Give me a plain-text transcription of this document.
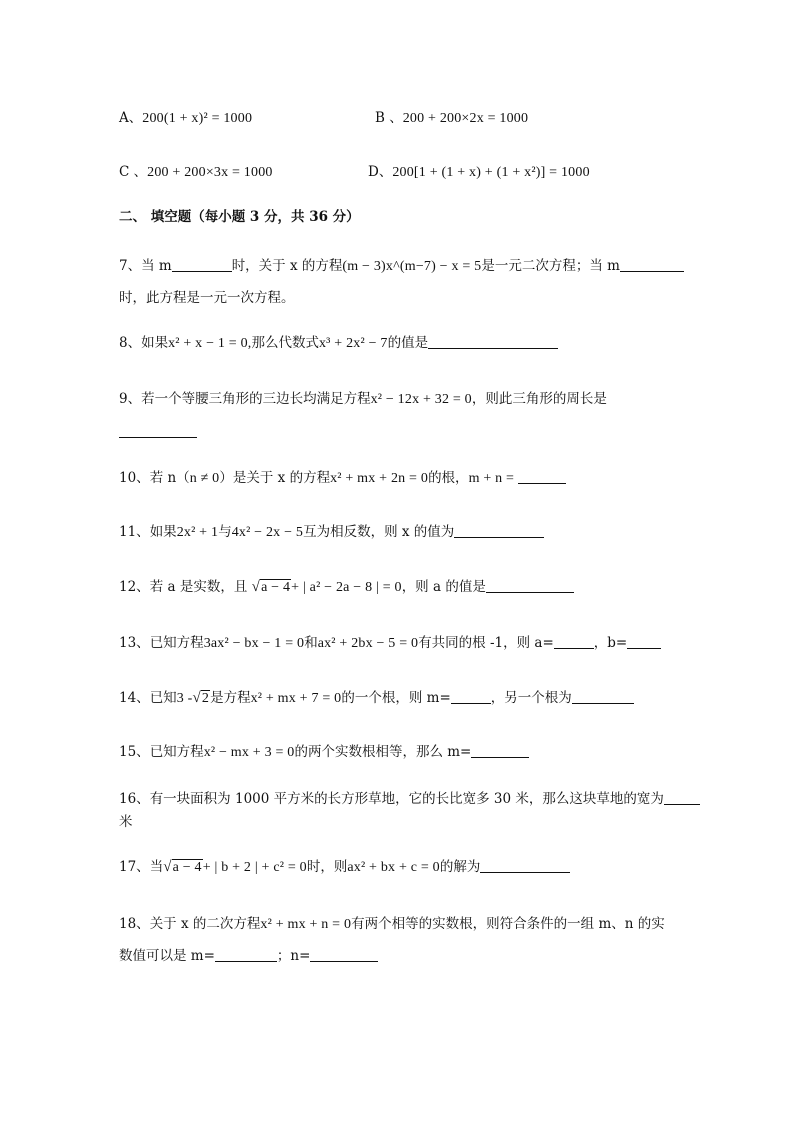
A、200(1 + x)² = 1000	B 、200 + 200×2x = 1000
C 、200 + 200×3x = 1000	D、200[1 + (1 + x) + (1 + x²)] = 1000
二、 填空题（每小题 3 分，共 36 分）
7、当 m	时，关于 x 的方程(m − 3)x^(m−7) − x = 5是一元二次方程；当 m
时，此方程是一元一次方程。
8、如果x² + x − 1 = 0,那么代数式x³ + 2x² − 7的值是
9、若一个等腰三角形的三边长均满足方程x² − 12x + 32 = 0，则此三角形的周长是
10、若 n（n ≠ 0）是关于 x 的方程x² + mx + 2n = 0的根，m + n =
11、如果2x² + 1与4x² − 2x − 5互为相反数，则 x 的值为
12、若 a 是实数，且 √a − 4+ | a² − 2a − 8 | = 0，则 a 的值是
13、已知方程3ax² − bx − 1 = 0和ax² + 2bx − 5 = 0有共同的根 -1，则 a=	，b=
14、已知3 -√2是方程x² + mx + 7 = 0的一个根，则 m=	，另一个根为
15、已知方程x² − mx + 3 = 0的两个实数根相等，那么 m=
16、有一块面积为 1000 平方米的长方形草地，它的长比宽多 30 米，那么这块草地的宽为
米
17、当√a − 4+ | b + 2 | + c² = 0时，则ax² + bx + c = 0的解为
18、关于 x 的二次方程x² + mx + n = 0有两个相等的实数根，则符合条件的一组 m、n 的实
数值可以是 m=	；n=
